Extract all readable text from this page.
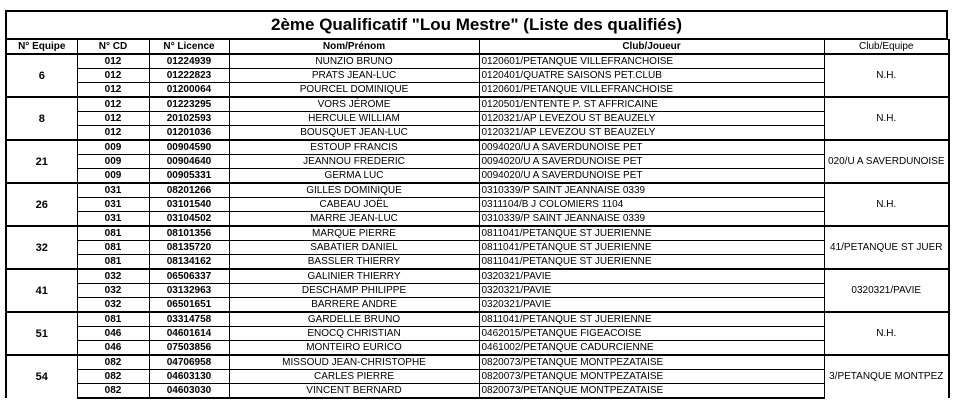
2ème Qualificatif "Lou Mestre" (Liste des qualifiés)
N° Equipe	N° CD	N° Licence	Nom/Prénom	Club/Joueur	Club/Equipe
6	012	01224939	NUNZIO BRUNO	0120601/PETANQUE VILLEFRANCHOISE	N.H.
	012	01222823	PRATS JEAN-LUC	0120401/QUATRE SAISONS PET.CLUB	
	012	01200064	POURCEL DOMINIQUE	0120601/PETANQUE VILLEFRANCHOISE	
8	012	01223295	VORS JÉROME	0120501/ENTENTE P. ST AFFRICAINE	N.H.
	012	20102593	HERCULE WILLIAM	0120321/AP LEVEZOU ST BEAUZELY	
	012	01201036	BOUSQUET JEAN-LUC	0120321/AP LEVEZOU ST BEAUZELY	
21	009	00904590	ESTOUP FRANCIS	0094020/U A SAVERDUNOISE PET	020/U A SAVERDUNOISE
	009	00904640	JEANNOU FREDERIC	0094020/U A SAVERDUNOISE PET	
	009	00905331	GERMA LUC	0094020/U A SAVERDUNOISE PET	
26	031	08201266	GILLES DOMINIQUE	0310339/P SAINT JEANNAISE 0339	N.H.
	031	03101540	CABEAU JOËL	0311104/B J COLOMIERS 1104	
	031	03104502	MARRE JEAN-LUC	0310339/P SAINT JEANNAISE 0339	
32	081	08101356	MARQUE PIERRE	0811041/PETANQUE ST JUERIENNE	41/PETANQUE ST JUER
	081	08135720	SABATIER DANIEL	0811041/PETANQUE ST JUERIENNE	
	081	08134162	BASSLER THIERRY	0811041/PETANQUE ST JUERIENNE	
41	032	06506337	GALINIER THIERRY	0320321/PAVIE	0320321/PAVIE
	032	03132963	DESCHAMP PHILIPPE	0320321/PAVIE	
	032	06501651	BARRERE ANDRE	0320321/PAVIE	
51	081	03314758	GARDELLE BRUNO	0811041/PETANQUE ST JUERIENNE	N.H.
	046	04601614	ENOCQ CHRISTIAN	0462015/PETANQUE FIGEACOISE	
	046	07503856	MONTEIRO EURICO	0461002/PETANQUE CADURCIENNE	
54	082	04706958	MISSOUD JEAN-CHRISTOPHE	0820073/PETANQUE MONTPEZATAISE	3/PETANQUE MONTPEZ
	082	04603130	CARLES PIERRE	0820073/PETANQUE MONTPEZATAISE	
	082	04603030	VINCENT BERNARD	0820073/PETANQUE MONTPEZATAISE	
